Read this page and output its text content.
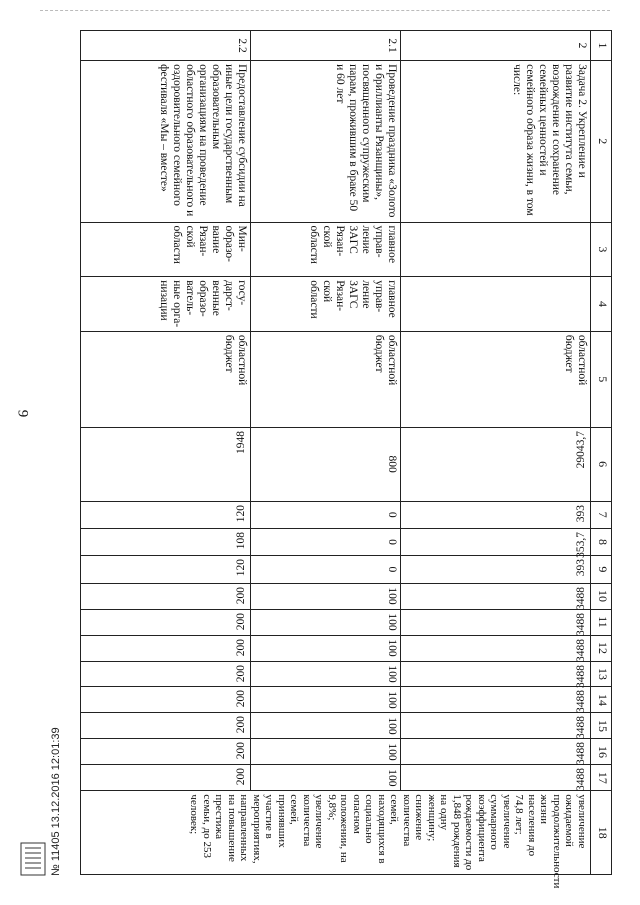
9
№ 11405 13.12.2016 12:01:39
1	2	3	4	5	6	7	8	9	10	11	12	13	14	15	16	17	18
2	Задача 2. Укрепление и развитие института семьи, возрождение и сохранение семейных ценностей и семейного образа жизни, в том числе:			областной бюджет	29043,7	393	353,7	393	3488	3488	3488	3488	3488	3488	3488	3488	увеличение ожидаемой продолжительности жизни населения до 74,8 лет; увеличение суммарного коэффициента рождаемости до 1,848 рождения на одну женщину; снижение количества семей, находящихся в социально опасном положении, на 9,8%; увеличение количества семей, принявших участие в мероприятиях, направленных на повышение престижа семьи, до 253 человек;
2.1	Проведение праздника «Золото и бриллианты Рязанщины», посвященного супружеским парам, прожившим в браке 50 и 60 лет	главное управ-ление ЗАГС Рязан-ской области	главное управ-ление ЗАГС Рязан-ской области	областной бюджет	800	0	0	0	100	100	100	100	100	100	100	100	
2.2	Предоставление субсидии на иные цели государственным образовательным организациям на проведение областного образовательного и оздоровительного семейного фестиваля «Мы – вместе»	Мин-образо-вание Рязан-ской области	госу-дарст-венные образо-ватель-ные орга-низации	областной бюджет	1948	120	108	120	200	200	200	200	200	200	200	200	
